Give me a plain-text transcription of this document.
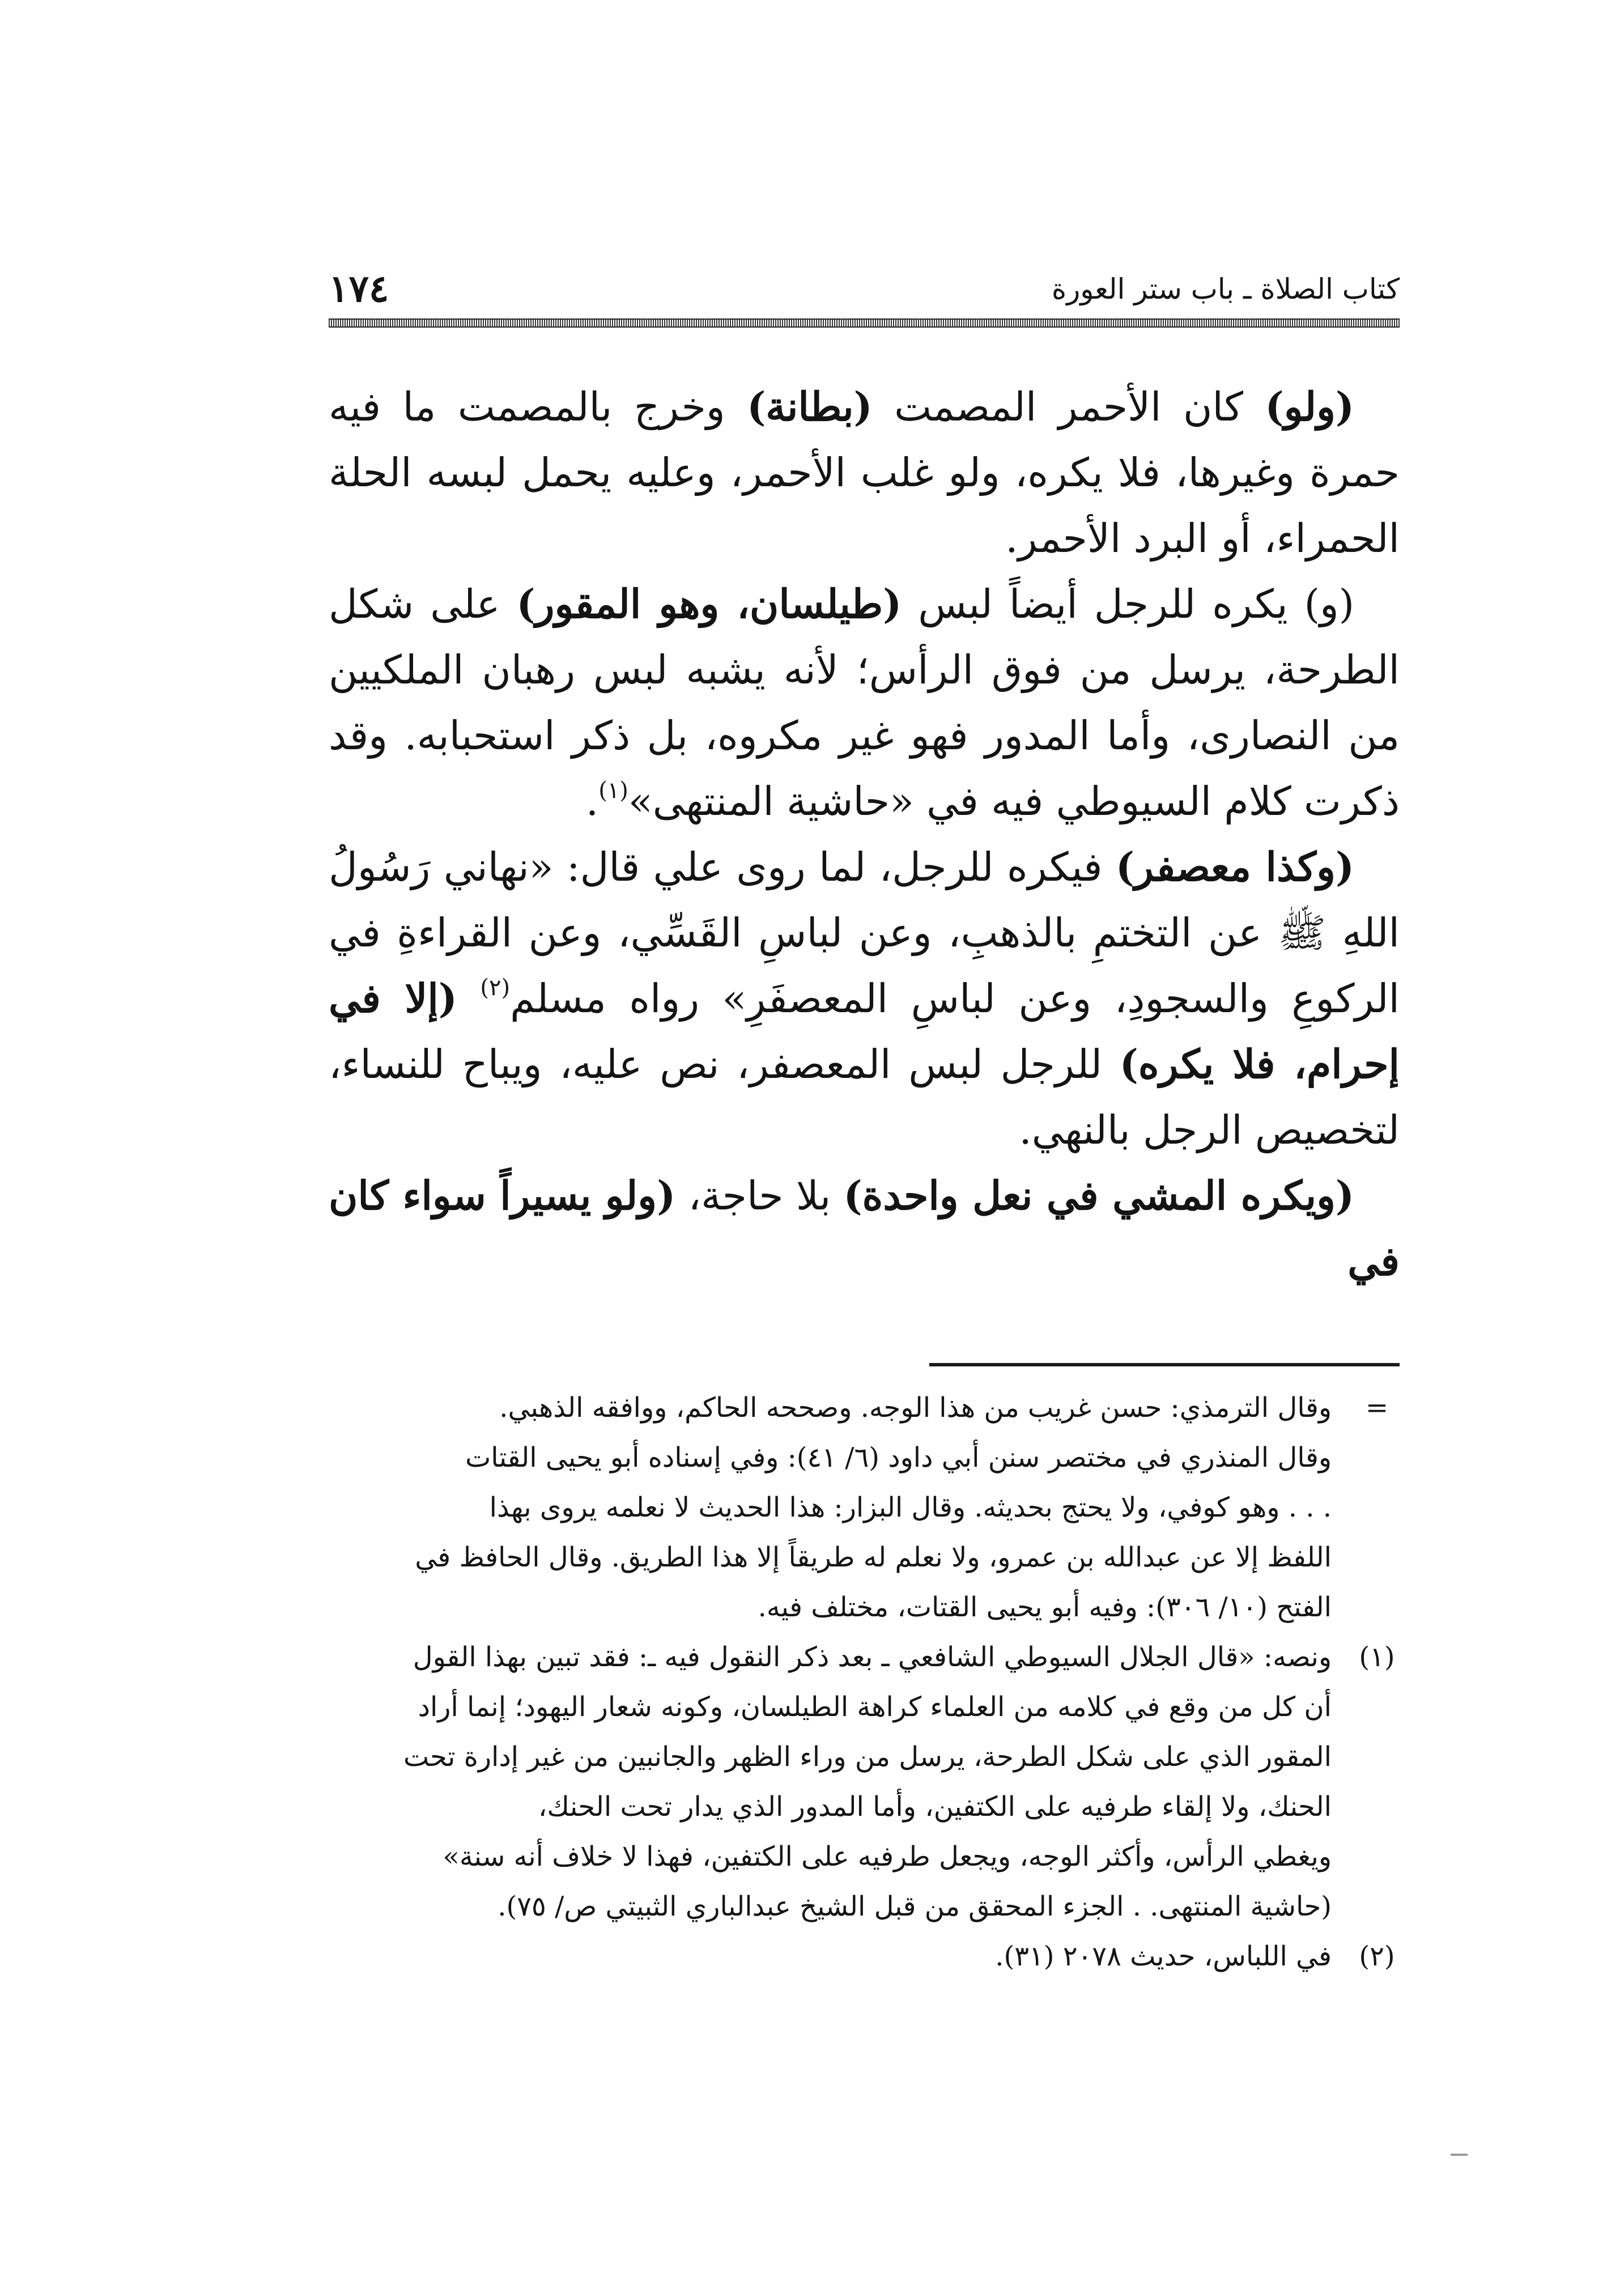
كتاب الصلاة ـ باب ستر العورة
١٧٤

(ولو) كان الأحمر المصمت (بطانة) وخرج بالمصمت ما فيه حمرة وغيرها، فلا يكره، ولو غلب الأحمر، وعليه يحمل لبسه الحلة الحمراء، أو البرد الأحمر.

(و) يكره للرجل أيضاً لبس (طيلسان، وهو المقور) على شكل الطرحة، يرسل من فوق الرأس؛ لأنه يشبه لبس رهبان الملكيين من النصارى، وأما المدور فهو غير مكروه، بل ذكر استحبابه. وقد ذكرت كلام السيوطي فيه في «حاشية المنتهى»$^{(١)}$.

(وكذا معصفر) فيكره للرجل، لما روى علي قال: «نهاني رَسُولُ اللهِ ﷺ عن التختمِ بالذهبِ، وعن لباسِ القَسِّي، وعن القراءةِ في الركوعِ والسجودِ، وعن لباسِ المعصفَرِ» رواه مسلم$^{(٢)}$ (إلا في إحرام، فلا يكره) للرجل لبس المعصفر، نص عليه، ويباح للنساء، لتخصيص الرجل بالنهي.

(ويكره المشي في نعل واحدة) بلا حاجة، (ولو يسيراً سواء كان في

=
وقال الترمذي: حسن غريب من هذا الوجه. وصححه الحاكم، ووافقه الذهبي.
وقال المنذري في مختصر سنن أبي داود (٦/ ٤١): وفي إسناده أبو يحيى القتات
. . . وهو كوفي، ولا يحتج بحديثه. وقال البزار: هذا الحديث لا نعلمه يروى بهذا
اللفظ إلا عن عبدالله بن عمرو، ولا نعلم له طريقاً إلا هذا الطريق. وقال الحافظ في
الفتح (١٠/ ٣٠٦): وفيه أبو يحيى القتات، مختلف فيه.
(١)
ونصه: «قال الجلال السيوطي الشافعي ـ بعد ذكر النقول فيه ـ: فقد تبين بهذا القول
أن كل من وقع في كلامه من العلماء كراهة الطيلسان، وكونه شعار اليهود؛ إنما أراد
المقور الذي على شكل الطرحة، يرسل من وراء الظهر والجانبين من غير إدارة تحت
الحنك، ولا إلقاء طرفيه على الكتفين، وأما المدور الذي يدار تحت الحنك،
ويغطي الرأس، وأكثر الوجه، ويجعل طرفيه على الكتفين، فهذا لا خلاف أنه سنة»
(حاشية المنتهى. . الجزء المحقق من قبل الشيخ عبدالباري الثبيتي ص/ ٧٥).
(٢)
في اللباس، حديث ٢٠٧٨ (٣١).
